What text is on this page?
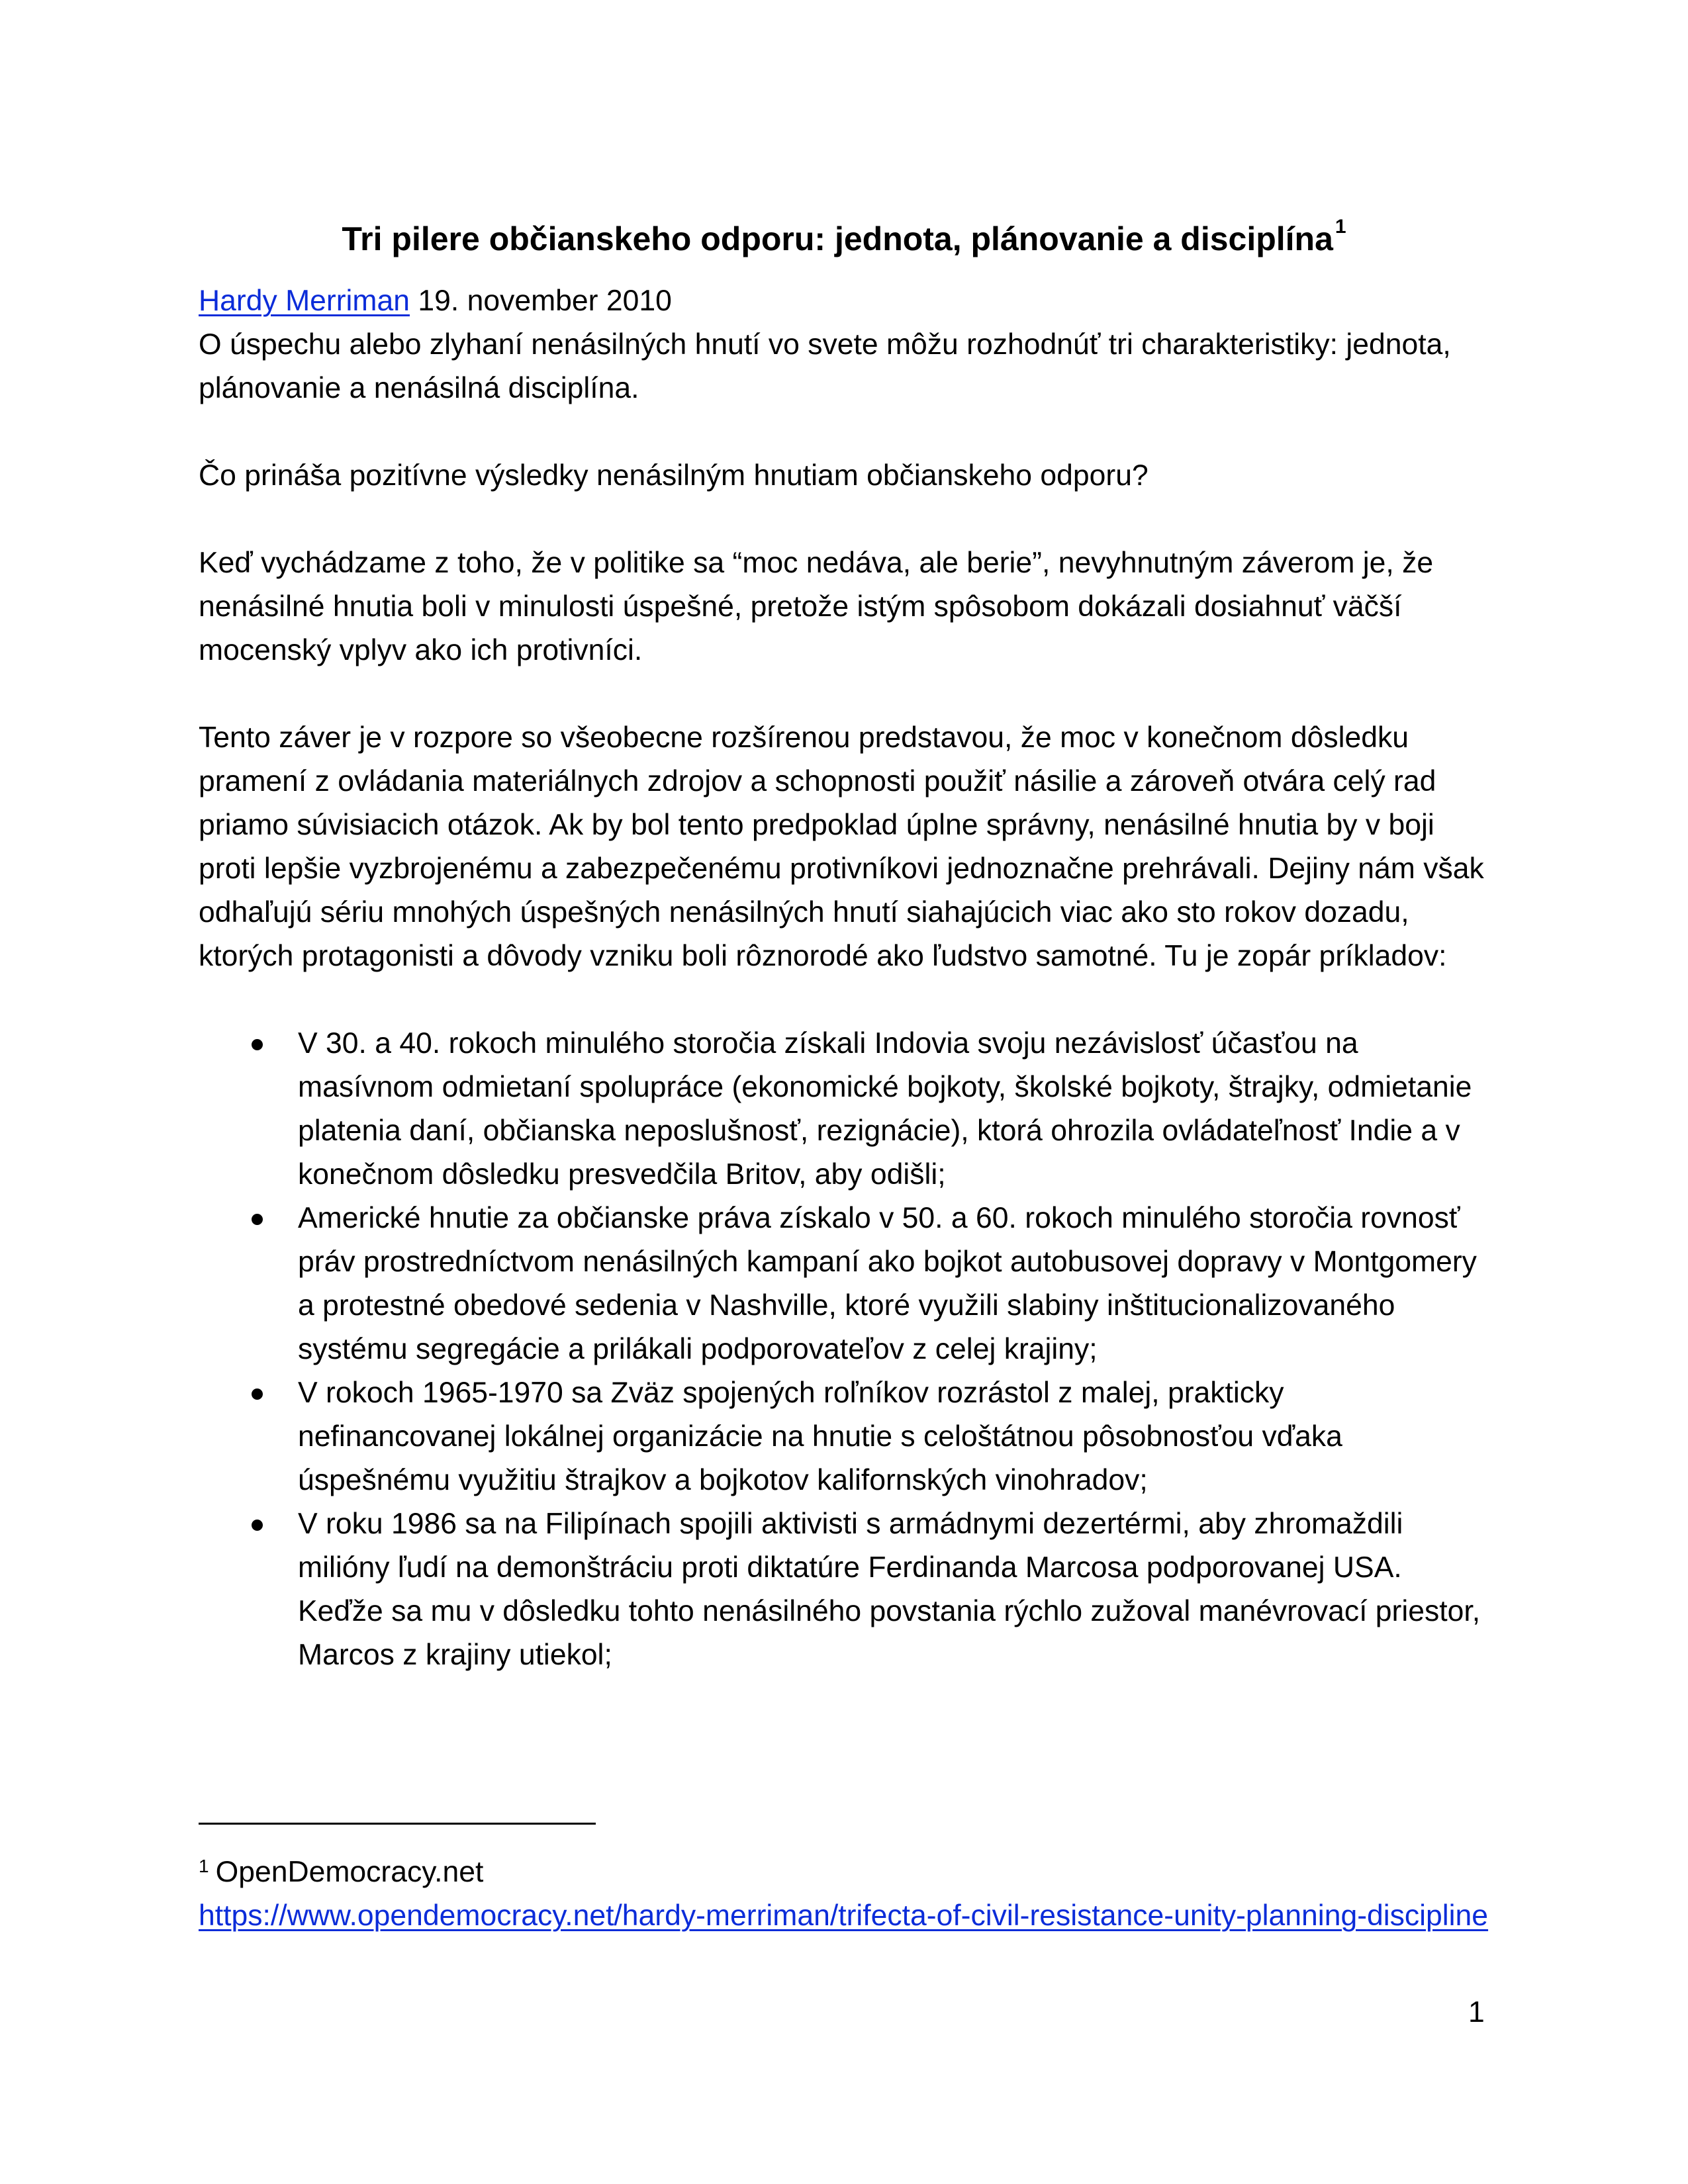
Tri pilere občianskeho odporu: jednota, plánovanie a disciplína $^1$
Hardy Merriman 19. november 2010

O úspechu alebo zlyhaní nenásilných hnutí vo svete môžu rozhodnúť tri charakteristiky: jednota, plánovanie a nenásilná disciplína.

Čo prináša pozitívne výsledky nenásilným hnutiam občianskeho odporu?

Keď vychádzame z toho, že v politike sa “moc nedáva, ale berie”, nevyhnutným záverom je, že nenásilné hnutia boli v minulosti úspešné, pretože istým spôsobom dokázali dosiahnuť väčší mocenský vplyv ako ich protivníci.

Tento záver je v rozpore so všeobecne rozšírenou predstavou, že moc v konečnom dôsledku pramení z ovládania materiálnych zdrojov a schopnosti použiť násilie a zároveň otvára celý rad priamo súvisiacich otázok. Ak by bol tento predpoklad úplne správny, nenásilné hnutia by v boji proti lepšie vyzbrojenému a zabezpečenému protivníkovi jednoznačne prehrávali. Dejiny nám však odhaľujú sériu mnohých úspešných nenásilných hnutí siahajúcich viac ako sto rokov dozadu, ktorých protagonisti a dôvody vzniku boli rôznorodé ako ľudstvo samotné. Tu je zopár príkladov:

V 30. a 40. rokoch minulého storočia získali Indovia svoju nezávislosť účasťou na masívnom odmietaní spolupráce (ekonomické bojkoty, školské bojkoty, štrajky, odmietanie platenia daní, občianska neposlušnosť, rezignácie), ktorá ohrozila ovládateľnosť Indie a v konečnom dôsledku presvedčila Britov, aby odišli;
Americké hnutie za občianske práva získalo v 50. a 60. rokoch minulého storočia rovnosť práv prostredníctvom nenásilných kampaní ako bojkot autobusovej dopravy v Montgomery a protestné obedové sedenia v Nashville, ktoré využili slabiny inštitucionalizovaného systému segregácie a prilákali podporovateľov z celej krajiny;
V rokoch 1965-1970 sa Zväz spojených roľníkov rozrástol z malej, prakticky nefinancovanej lokálnej organizácie na hnutie s celoštátnou pôsobnosťou vďaka úspešnému využitiu štrajkov a bojkotov kalifornských vinohradov;
V roku 1986 sa na Filipínach spojili aktivisti s armádnymi dezertérmi, aby zhromaždili milióny ľudí na demonštráciu proti diktatúre Ferdinanda Marcosa podporovanej USA. Keďže sa mu v dôsledku tohto nenásilného povstania rýchlo zužoval manévrovací priestor, Marcos z krajiny utiekol;
$^1$ OpenDemocracy.net
https://www.opendemocracy.net/hardy-merriman/trifecta-of-civil-resistance-unity-planning-discipline
1
